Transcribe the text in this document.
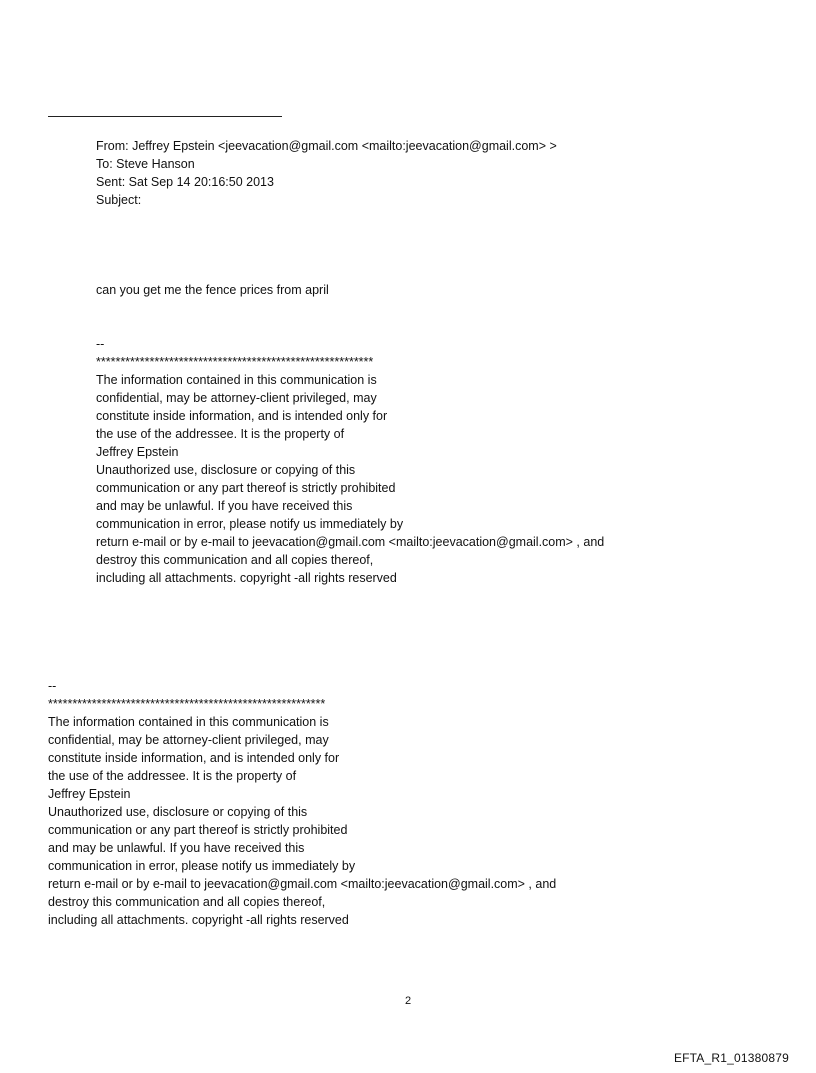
From: Jeffrey Epstein <jeevacation@gmail.com <mailto:jeevacation@gmail.com> >
To: Steve Hanson
Sent: Sat Sep 14 20:16:50 2013
Subject:
can you get me the fence prices from april
--
*********************************************************
The information contained in this communication is
confidential, may be attorney-client privileged, may
constitute inside information, and is intended only for
the use of the addressee. It is the property of
Jeffrey Epstein
Unauthorized use, disclosure or copying of this
communication or any part thereof is strictly prohibited
and may be unlawful. If you have received this
communication in error, please notify us immediately by
return e-mail or by e-mail to jeevacation@gmail.com <mailto:jeevacation@gmail.com> , and
destroy this communication and all copies thereof,
including all attachments. copyright -all rights reserved
--
*********************************************************
The information contained in this communication is
confidential, may be attorney-client privileged, may
constitute inside information, and is intended only for
the use of the addressee. It is the property of
Jeffrey Epstein
Unauthorized use, disclosure or copying of this
communication or any part thereof is strictly prohibited
and may be unlawful. If you have received this
communication in error, please notify us immediately by
return e-mail or by e-mail to jeevacation@gmail.com <mailto:jeevacation@gmail.com> , and
destroy this communication and all copies thereof,
including all attachments. copyright -all rights reserved
2
EFTA_R1_01380879
